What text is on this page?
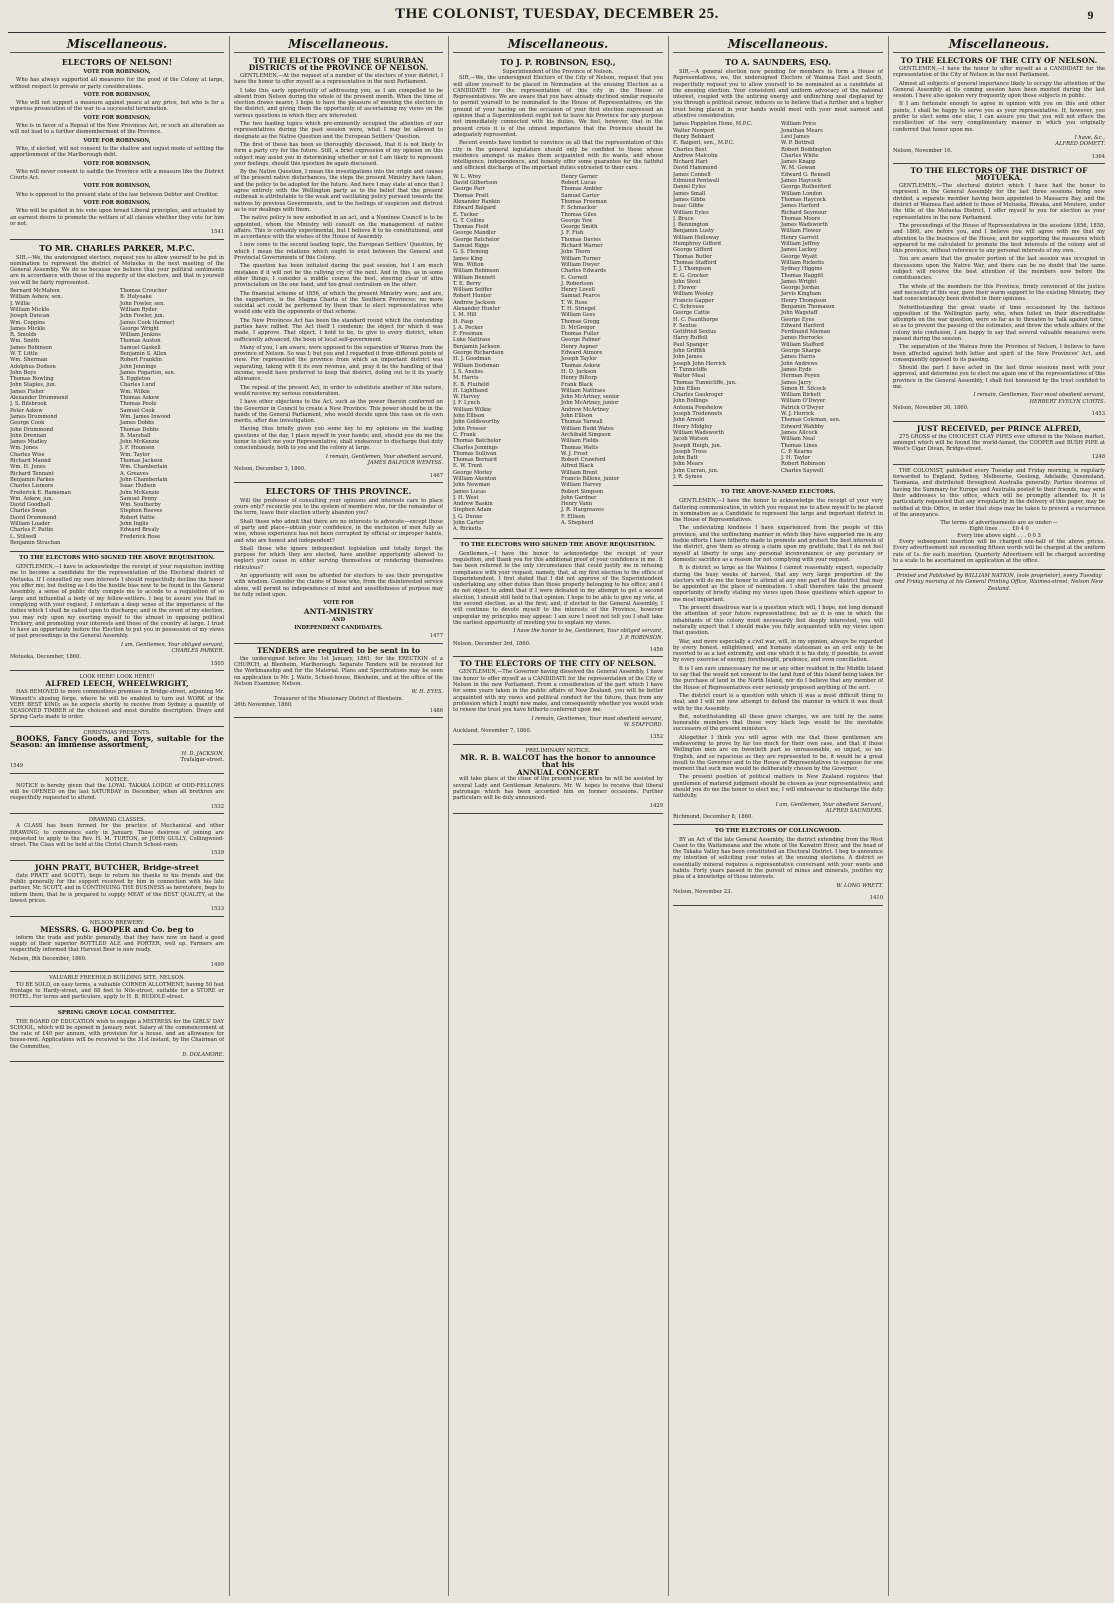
THE COLONIST, TUESDAY, DECEMBER 25.	9
Miscellaneous.
ELECTORS OF NELSON!
VOTE FOR ROBINSON,

Who has always supported all measures for the good of the Colony at large, without respect to private or party considerations.

VOTE FOR ROBINSON,

Who will not support a measure against peace at any price, but who is for a vigorous prosecution of the war to a successful termination.

VOTE FOR ROBINSON,

Who is in favor of a Repeal of the New Provinces Act, or such an alteration as will not lead to a further dismemberment of the Province.

VOTE FOR ROBINSON,

Who, if elected, will not consent to the shallow and unjust mode of settling the apportionment of the Marlborough debt.

VOTE FOR ROBINSON,

Who will never consent to saddle the Province with a measure like the District Courts Act.

VOTE FOR ROBINSON,

Who is opposed to the present state of the law between Debtor and Creditor.

VOTE FOR ROBINSON,

Who will be guided in his vote upon broad Liberal principles, and actuated by an earnest desire to promote the welfare of all classes whether they vote for him or not.

1541
TO MR. CHARLES PARKER, M.P.C.

SIR,—We, the undersigned electors, request you to allow yourself to be put in nomination to represent the district of Motueka in the next meeting of the General Assembly. We do so because we believe that your political sentiments are in accordance with those of the majority of the electors, and that in yourself you will be fairly represented.

Bernard McMahon
William Ashew, sen.
J. Willie
William Mickle
Joseph Duncan
Wm. Coppins
James Mickle
R. Smolds
Wm. Smith
James Robinson
W. T. Little
Wm. Sherman
Adolphus Dodson
John Boys
Thomas Rowling
John Staples, jun.
James Fisher
Alexander Drummond
J. S. Bilsbrook
Peter Askew
James Drummond
George Cook
John Drummond
John Drennan
James Mudley
Wm. Jones
Charles Wise
Richard Mannd
Wm. H. Jones
Richard Tennant
Benjamin Parkes
Charles Lismore
Frederick E. Rameman
Wm. Askew, jun.
David Goodhall
Charles Swan
David Drummond
William Loader
Charles F. Pattie
L. Stilwell
Benjamin Strachan
Thomas Croucher
B. Holyoake
John Fowler, sen.
William Ryder
John Fowler, jun.
James Cook (farmer)
George Wright
William Jenkins
Thomas Auston
Samuel Gaskell
Benjamin S. Allen
Robert Franklin
John Jennings
James Fogarton, sen.
S. Eggleton
Charles Lund
Wm. Wilkie
Thomas Askew
Thomas Poole
Samuel Cook
Wm. James Inwood
James Dobbs
Thomas Dobbs
B. Marshall
John McKenzie
J. F. Hounsen
Wm. Taylor
Thomas Jackson
Wm. Chamberlain
A. Greaves
John Chamberlain
Isaac Hudson
John McKenzie
Samuel Penny
Wm. Southerby
Stephen Reeves
Robert Pattie
John Inglis
Edward Brealy
Frederick Rose
TO THE ELECTORS WHO SIGNED THE ABOVE REQUISITION.

GENTLEMEN,—I have to acknowledge the receipt of your requisition inviting me to become a candidate for the representation of the Electoral district of Motueka. If I consulted my own interests I should respectfully decline the honor you offer me; but feeling as I do the hostile bias now to be found in the General Assembly, a sense of public duty compels me to accede to a requisition of so large and influential a body of my fellow-settlers. I beg to assure you that in complying with your request, I entertain a deep sense of the importance of the duties which I shall be called upon to discharge; and in the event of my election, you may rely upon my exerting myself to the utmost in opposing political Trickery, and promoting your interests and those of the country at large. I trust to have an opportunity before the Election to put you in possession of my views of past proceedings in the General Assembly.

I am, Gentlemen, Your obliged servant,
CHARLES PARKER.
Motueka, December, 1860.
1505
LOOK HERE! LOOK HERE!!
ALFRED LEECH, WHEELWRIGHT,

HAS REMOVED to more commodious premises in Bridge-street, adjoining Mr. Wimsett's shoeing forge, where he will be enabled to turn out WORK of the VERY BEST KIND; as he expects shortly to receive from Sydney a quantity of SEASONED TIMBER of the choicest and most durable description. Drays and Spring Carts made to order.

CHRISTMAS PRESENTS.

BOOKS, Fancy Goods, and Toys, suitable for the Season: an immense assortment,

H. D. JACKSON,
Trafalgar-street.
1549
NOTICE.

NOTICE is hereby given that the LOYAL TAKAKA LODGE of ODD-FELLOWS will be OPENED on the last SATURDAY in December, when all brethren are respectfully requested to attend.

1532
DRAWING CLASSES.

A CLASS has been formed for the practice of Mechanical and other DRAWING; to commence early in January. Those desirous of joining are requested to apply to the Rev. H. M. TURTON, or JOHN GULLY, Collingwood-street. The Class will be held at the Christ Church School-room.

1539
JOHN PRATT, BUTCHER, Bridge-street

(late PRATT and SCOTT), begs to return his thanks to his friends and the Public generally for the support received by him in connection with his late partner, Mr. SCOTT, and in CONTINUING THE BUSINESS as heretofore, begs to inform them, that he is prepared to supply MEAT of the BEST QUALITY, at the lowest prices.

1533
NELSON BREWERY.
MESSRS. G. HOOPER and Co. beg to

inform the trade and public generally, that they have now on hand a good supply of their superior BOTTLED ALE and PORTER, well up. Farmers are respectfully informed that Harvest Beer is now ready.

Nelson, 8th December, 1860.
1499
VALUABLE FREEHOLD BUILDING SITE, NELSON.

TO BE SOLD, on easy terms, a valuable CORNER ALLOTMENT, having 50 feet frontage to Hardy-street, and 88 feet to Nile-street, suitable for a STORE or HOTEL. For terms and particulars, apply to H. B. RUDDLE-street.

SPRING GROVE LOCAL COMMITTEE.

THE BOARD OF EDUCATION wish to engage a MISTRESS for the GIRLS' DAY SCHOOL, which will be opened in January next. Salary at the commencement at the rate of £40 per annum, with provision for a house, and an allowance for house-rent. Applications will be received to the 31st instant, by the Chairman of the Committee,

D. DOLAMORE.
Miscellaneous.
TO THE ELECTORS OF THE SUBURBAN DISTRICTS of the PROVINCE OF NELSON.

GENTLEMEN,—At the request of a number of the electors of your district, I have the honor to offer myself as a representative in the next Parliament.

I take this early opportunity of addressing you, as I am compelled to be absent from Nelson during the whole of the present month. When the time of election draws nearer, I hope to have the pleasure of meeting the electors in the district, and giving them the opportunity of ascertaining my views on the various questions in which they are interested.

The two leading topics which pre-eminently occupied the attention of our representatives during the past session were, what I may be allowed to designate as the Native Question and the European Settlers' Question.

The first of these has been so thoroughly discussed, that it is not likely to form a party cry for the future. Still, a brief expression of my opinion on this subject may assist you in determining whether or not I am likely to represent your feelings, should this question be again discussed.

By the Native Question, I mean the investigations into the origin and causes of the present native disturbances, the steps the present Ministry have taken, and the policy to be adopted for the future. And here I may state at once that I agree entirely with the Wellington party as to the belief that the present outbreak is attributable to the weak and vacillating policy pursued towards the natives by previous Governments, and to the feelings of suspicion and distrust as to our dealings with them.

The native policy is now embodied in an act, and a Nominee Council is to be appointed, whom the Ministry will consult on the management of native affairs. This is certainly experimental, but I believe it to be constitutional, and in accordance with the wishes of the House of Assembly.

I now come to the second leading topic, the European Settlers' Question, by which I mean the relations which ought to exist between the General and Provincial Governments of this Colony.

The question has been initiated during the past session, but I am much mistaken if it will not be the rallying cry of the next. And in this, as in some other things, I consider a middle course the best, steering clear of ultra provincialism on the one hand, and too great centralism on the other.

The financial scheme of 1856, of which the present Ministry were, and are, the supporters, is the Magna Charta of the Southern Provinces: no more suicidal act could be performed by them than to elect representatives who would side with the opponents of that scheme.

The New Provinces Act has been the standard round which the contending parties have rallied. The Act itself I condemn; the object for which it was made, I approve. That object, I hold to be, to give to every district, when sufficiently advanced, the boon of local self-government.

Many of you, I am aware, were opposed to the separation of Wairau from the province of Nelson. So was I; but you and I regarded it from different points of view. For represented the province from which an important district was separating, taking with it its own revenue, and, pray it be the handling of that income, would have preferred to keep that district, doling out to it its yearly allowance.

The repeal of the present Act, in order to substitute another of like nature, would receive my serious consideration.

I have other objections to the Act, such as the power therein conferred on the Governor in Council to create a New Province. This power should be in the hands of the General Parliament, who would decide upon this case on its own merits, after due investigation.

Having thus briefly given you some key to my opinions on the leading questions of the day, I place myself in your hands; and, should you do me the honor to elect me your Representative, shall endeavour to discharge that duty conscientiously, both to you and the colony at large.

I remain, Gentlemen, Your obedient servant,
JAMES BALFOUR WEMYSS.
Nelson, December 3, 1860.
1467
ELECTORS OF THIS PROVINCE.

Will the professor of consulting your opinions and interests care to place yours only? reconcile you to the system of members who, for the remainder of the term, leave their election utterly abandon you?

Shall those who admit that there are no interests to advocate—except those of party and place—obtain your confidence, in the exclusion of men fully as wise, whose experience has not been corrupted by official or improper habits, and who are honest and independent?

Shall those who ignore independent legislation and totally forget the purpose for which they are elected, have another opportunity allowed to neglect your cause in either serving themselves or rendering themselves ridiculous?

An opportunity will soon be afforded for electors to use their prerogative with wisdom. Consider the claims of those who, from the disinterested service alone, will permit no independence of mind and unselfishness of purpose may be fully relied upon.

VOTE FOR
ANTI-MINISTRY
AND
INDEPENDENT CANDIDATES.
1477
TENDERS are required to be sent in to

the undersigned before the 1st January, 1861, for the ERECTION of a CHURCH, at Blenheim, Marlborough. Separate Tenders will be received for the Workmanship and for the Material. Plans and Specifications may be seen on application to Mr. J. Waite, School-house, Blenheim, and at the office of the Nelson Examiner, Nelson.

W. H. EYES,
Treasurer of the Missionary District of Blenheim.
26th November, 1860.
1486
Miscellaneous.
TO J. P. ROBINSON, ESQ.,
Superintendent of the Province of Nelson.

SIR,—We, the undersigned Electors of the City of Nelson, request that you will allow yourself to be placed in Nomination at the ensuing Election as a CANDIDATE for the representation of this city in the House of Representatives. We are aware that you have already declined similar requests to permit yourself to be nominated to the House of Representatives, on the ground of your having on the occasion of your first election expressed an opinion that a Superintendent ought not to leave his Province for any purpose not immediately connected with his duties. We feel, however, that in the present crisis it is of the utmost importance that the Province should be adequately represented.

Recent events have tended to convince us all that the representation of this city in the general legislature should only be confided to those whose residence amongst us makes them acquainted with its wants, and whose intelligence, independence, and honesty offer some guarantee for the faithful and efficient discharge of the important duties entrusted to their care.

W. L. Wrey
David Gilbertson
George Parr
Thomas Pratt
Alexander Rankin
Edward Balgard
E. Tucker
G. T. Collins
Thomas Field
George Mandler
George Batchelor
Samuel Riggs
G. S. Fleming
James King
Wm. Wilton
William Robinson
William Bennett
T. E. Berry
William Seiffer
Robert Hunter
Andrew Jackson
Alexander Hunter
I. M. Hill
H. Fasp
J. A. Pecker
F. Freeman
Luke Nattrass
Benjamin Jackson
George Richardson
H. J. Goodman
William Dodsman
J. S. Ansliss
M. Harris
E. B. Fluifield
H. Lighthand
W. Harvey
J. F. Lynch
William Wilkie
John Ellison
John Goldsworthy
John Prosser
C. Frank
Thomas Batchelor
Charles Jennings
Thomas Sullivan
Thomas Bernard
E. W. Trent
George Morley
William Akenton
John Newman
James Lucas
J. H. West
Andrew Baskin
Stephen Adam
J. G. Dunne
John Carter
A. Ricketts
Henry Garner
Robert Lucas
Thomas Ambler
Samuel Carter
Thomas Freeman
F. Schmacker
Thomas Giles
George Yew
George Smith
J. F. Fish
Thomas Davies
Richard Warner
John Thorn
William Turner
William Dwyer
Charles Edwards
E. Cornell
J. Robertson
Henry Lovell
Samuel Pearce
T. W. Rose
T. H. Striegel
William Goss
Thomas Gregg
D. McGregor
Thomas Fuller
George Palmer
Henry Aspner
Edward Atmore
Joseph Taylor
Thomas Askew
H. D. Jackson
Henry Biltorp
Frank Black
William Nattrass
John McArtney, senior
John McArtney, junior
Andrew McArtney
John Ellison
Thomas Yarwall
William Budd Wates
Archibald Simpson
William Fields
Thomas Watts
W. J. Frost
Robert Crawford
Alfred Black
William Brent
Francis Billens, junior
William Harvey
Robert Simpson
John Gardner
Henry Vann
J. R. Hargreaves
F. Ellison
A. Shepherd
TO THE ELECTORS WHO SIGNED THE ABOVE REQUISITION.

Gentlemen,—I have the honor to acknowledge the receipt of your requisition, and thank you for this additional proof of your confidence in me. It has been referred to the only circumstance that could justify me in refusing compliance with your request, namely, that, at my first election to the office of Superintendent, I first stated that I did not approve of the Superintendent undertaking any other duties than those properly belonging to his office; and I do not object to admit that if I were defeated in my attempt to get a second election, I should still hold to that opinion. I hope to be able to give my vote, at the second election, as at the first; and, if elected to the General Assembly, I will continue to devote myself to the interests of the Province, however unpopular my principles may appear. I am sure I need not tell you I shall take the earliest opportunity of meeting you to explain my views.

I have the honor to be, Gentlemen, Your obliged servant,
J. P. ROBINSON.
Nelson, December 3rd, 1860.
1456
TO THE ELECTORS OF THE CITY OF NELSON.

GENTLEMEN,—The Governor having dissolved the General Assembly, I have the honor to offer myself as a CANDIDATE for the representation of the City of Nelson in the new Parliament. From a consideration of the part which I have for some years taken in the public affairs of New Zealand, you will be better acquainted with my views and political conduct for the future, than from any profession which I might now make, and consequently whether you would wish to renew the trust you have hitherto conferred upon me.

I remain, Gentlemen, Your most obedient servant,
W. STAFFORD.
Auckland, November 7, 1860.
1352
PRELIMINARY NOTICE.
MR. R. B. WALCOT has the honor to announce that his
ANNUAL CONCERT

will take place at the close of the present year, when he will be assisted by several Lady and Gentleman Amateurs. Mr. W. hopes to receive that liberal patronage which has been accorded him on former occasions. Further particulars will be duly announced.

1429
Miscellaneous.
TO A. SAUNDERS, ESQ.

SIR,—A general election now pending for members to form a House of Representatives, we, the undersigned Electors of Waimea East and South, respectfully request you to allow yourself to be nominated as a candidate at the ensuing election. Your consistent and uniform advocacy of the national interest, coupled with the untiring energy and unflinching zeal displayed by you through a political career, induces us to believe that a further and a higher trust being placed in your hands would meet with your most earnest and attentive consideration.

James Poppleton Hone, M.P.C.
Walter Newport
Henry Bebhard
E. Baigent, sen., M.P.C.
Charles Best
Andrew Malcolm
Richard Hart
David Hammond
James Connell
Edmund Pentwall
Daniel Eyles
James Small
James Gibbs
Isaac Gibbs
William Eyles
J. Bruce
J. Bennington
Benjamin Lusty
William Holloway
Humphrey Gifford
George Gifford
Thomas Butler
Thomas Stafford
T. J. Thompson
E. G. Crocker
John Stout
J. Flower
William Wooley
Francis Gapper
C. Schrouss
George Cattle
H. C. Faunthorpe
F. Sextus
Gottfried Sextus
Harry Ruffell
Paul Spanger
John Griffith
John James
Joseph John Herrick
T. Tunnicliffe
Walter Meal
Thomas Tunnicliffe, jun.
John Ellen
Charles Gaukroger
John Rollings
Antonia Foxshelow
Joseph Tredennets
John Arnold
Henry Midgley
William Wadsworth
Jacob Watson
Joseph Heigh, jun.
Joseph Tross
John Batt
John Mears
John Curran, jun.
J. R. Symes
William Price
Jonathan Mears
Levi James
W. P. Bottrell
Robert Boddington
Charles White
James Knapp
W. M. Gowan
Edward G. Rennell
James Haycock
George Rutherford
William London
Thomas Haycock
James Harford
Richard Seymour
Thomas Moore
James Wadsworth
William Flower
Henry Garrett
William Jeffrey
James Lackey
George Wyatt
William Ricketts
Sydney Higgins
Thomas Haggitt
James Wright
George Jordan
Jarvis Kingham
Henry Thompson
Benjamin Thomason
John Wagstaff
George Eyes
Edward Harford
Ferdinand Nieman
James Horrocks
William Stafford
George Sharpe
James Harris
John Andrews
James Eyde
Herman Feyen
James Jarry
Simon H. Silcock
William Birkett
William O'Dwyer
Patrick O'Dwyer
W. J. Horrick
Thomas Coleman, sen.
Edward Wahbby
James Allcock
William Neal
Thomas Lines
C. P. Kearns
J. H. Taylor
Robert Robinson
Charles Saywell
TO THE ABOVE-NAMED ELECTORS.

GENTLEMEN,—I have the honor to acknowledge the receipt of your very flattering communication, in which you request me to allow myself to be placed in nomination as a Candidate to represent the large and important district in the House of Representatives.

The undeviating kindness I have experienced from the people of this province, and the unflinching manner in which they have supported me in any feeble efforts I have hitherto made to promote and protect the best interests of the district, give them so strong a claim upon my gratitude, that I do not feel myself at liberty to urge any personal inconvenience or any pecuniary or domestic sacrifice as a reason for not complying with your request.

It is district so large as the Waimea I cannot reasonably expect, especially during the busy weeks of harvest, that any very large proportion of the electors will do me the honor to attend at any one part of the district that may be appointed as the place of nomination. I shall therefore take the present opportunity of briefly stating my views upon those questions which appear to me most important.

The present disastrous war is a question which will, I hope, not long demand the attention of your future representatives; but as it is one in which the inhabitants of this colony must necessarily feel deeply interested, you will naturally expect that I should make you fully acquainted with my views upon that question.

War, and more especially a civil war, will, in my opinion, always be regarded by every honest, enlightened, and humane statesman as an evil only to be resorted to as a last extremity, and one which it is his duty, if possible, to avoid by every exercise of energy, forethought, prudence, and even conciliation.

It is I am sure unnecessary for me or any other resident in the Middle Island to say that the would not consent to the land fund of this Island being taken for the purchase of land in the North Island, nor do I believe that any member of the House of Representatives ever seriously proposed anything of the sort.

The district court is a question with which it was a most difficult thing to deal, and I will not now attempt to defend the manner in which it was dealt with by the Assembly.

But, notwithstanding all these grave charges, we are told by the same honorable members that those very black legs would be the inevitable successors of the present ministers.

Altogether I think you will agree with me that those gentlemen are endeavoring to prove by far too much for their own case, and that if those Wellington men are on twentieth part so unreasonable, so unjust, so un-English, and so rapacious as they are represented to be, it would be a great insult to the Governor and to the House of Representatives to suppose for one moment that such men would be deliberately chosen by the Governor.

The present position of political matters in New Zealand requires that gentlemen of matured judgment should be chosen as your representatives; and should you do me the honor to elect me, I will endeavour to discharge the duty faithfully.

I am, Gentlemen, Your obedient Servant,
ALFRED SAUNDERS.
Richmond, December 8, 1860.
TO THE ELECTORS OF COLLINGWOOD.

BY an Act of the late General Assembly, the district extending from the West Coast to the Waitemoana and the whole of the Kawatiri River, and the head of the Takaka Valley has been constituted an Electoral District. I beg to announce my intention of soliciting your votes at the ensuing elections. A district so essentially mineral requires a representative conversant with your wants and habits. Forty years passed in the pursuit of mines and minerals, justifies my plea of a knowledge of those interests.

W. LONG WRETT.
Nelson, November 23.
1410
Miscellaneous.
TO THE ELECTORS OF THE CITY OF NELSON.

GENTLEMEN,—I have the honor to offer myself as a CANDIDATE for the representation of the City of Nelson in the next Parliament.

Almost all subjects of general importance likely to occupy the attention of the General Assembly at its coming session have been mooted during the last session. I have also spoken very frequently upon those subjects in public.

If I am fortunate enough to agree in opinion with you on this and other points, I shall be happy to serve you as your representative. If, however, you prefer to elect some one else, I can assure you that you will not efface the recollection of the very complimentary manner in which you originally conferred that honor upon me.

I have, &c.,
ALFRED DOMETT.
Nelson, November 16.
1364
TO THE ELECTORS OF THE DISTRICT OF MOTUEKA.

GENTLEMEN,—The electoral district which I have had the honor to represent in the General Assembly for the last three sessions being now divided, a separate member having been appointed to Massacre Bay, and the district of Waimea East added to those of Motueka, Riwaka, and Moutere, under the title of the Motueka District, I offer myself to you for election as your representative in the new Parliament.

The proceedings of the House of Representatives in the sessions 1856, 1858, and 1860, are before you, and I believe you will agree with me that my attention to the business of the House, and for supporting the measures which appeared to me calculated to promote the best interests of the colony and of this province, without reference to any personal interests of my own.

You are aware that the greater portion of the last session was occupied in discussions upon the Native War, and there can be no doubt that the same subject will receive the best attention of the members now before the constituencies.

The whole of the members for this Province, firmly convinced of the justice and necessity of this war, gave their warm support to the existing Ministry, they had conscientiously been divided in their opinions.

Notwithstanding the great waste of time occasioned by the factious opposition of the Wellington party, who, when foiled on their discreditable attempts on the war question, were so far as to threaten to 'talk against time,' so as to prevent the passing of the estimates, and throw the whole affairs of the colony into confusion, I am happy to say that several valuable measures were passed during the session.

The separation of the Wairau from the Province of Nelson, I believe to have been affected against both letter and spirit of the New Provinces' Act, and consequently opposed to its passing.

Should the part I have acted in the last three sessions meet with your approval, and determine you to elect me again one of the representatives of this province in the General Assembly, I shall feel honoured by the trust confided to me.

I remain, Gentlemen, Your most obedient servant,
HERBERT EVELYN CURTIS.
Nelson, November 30, 1860.
1453
JUST RECEIVED, per PRINCE ALFRED,

275 GROSS of the CHOICEST CLAY PIPES ever offered in the Nelson market, amongst which will be found the world-famed, the COOPER and BUSH PIPE at West's Cigar Divan, Bridge-street.

1248

THE COLONIST, published every Tuesday and Friday morning, is regularly forwarded to England, Sydney, Melbourne, Geelong, Adelaide, Queensland, Tasmania, and distributed throughout Australia generally. Parties desirous of having the Summary for Europe and Australia posted to their friends, may send their addresses to this office, which will be promptly attended to. It is particularly requested that any irregularity in the delivery of this paper, may be notified at this Office, in order that steps may be taken to prevent a recurrence of the annoyance.

The terms of advertisements are as under:—
Eight lines . . . . £0 4 0
Every line above eight . . . 0 0 3

Every subsequent insertion will be charged one-half of the above prices. Every advertisement not exceeding fifteen words will be charged at the uniform rate of 1s. for each insertion. Quarterly Advertisers will be charged according to a scale to be ascertained on application at the office.

Printed and Published by WILLIAM NATION, (sole proprietor), every Tuesday and Friday morning at his General Printing Office, Waimea-street, Nelson New Zealand.
